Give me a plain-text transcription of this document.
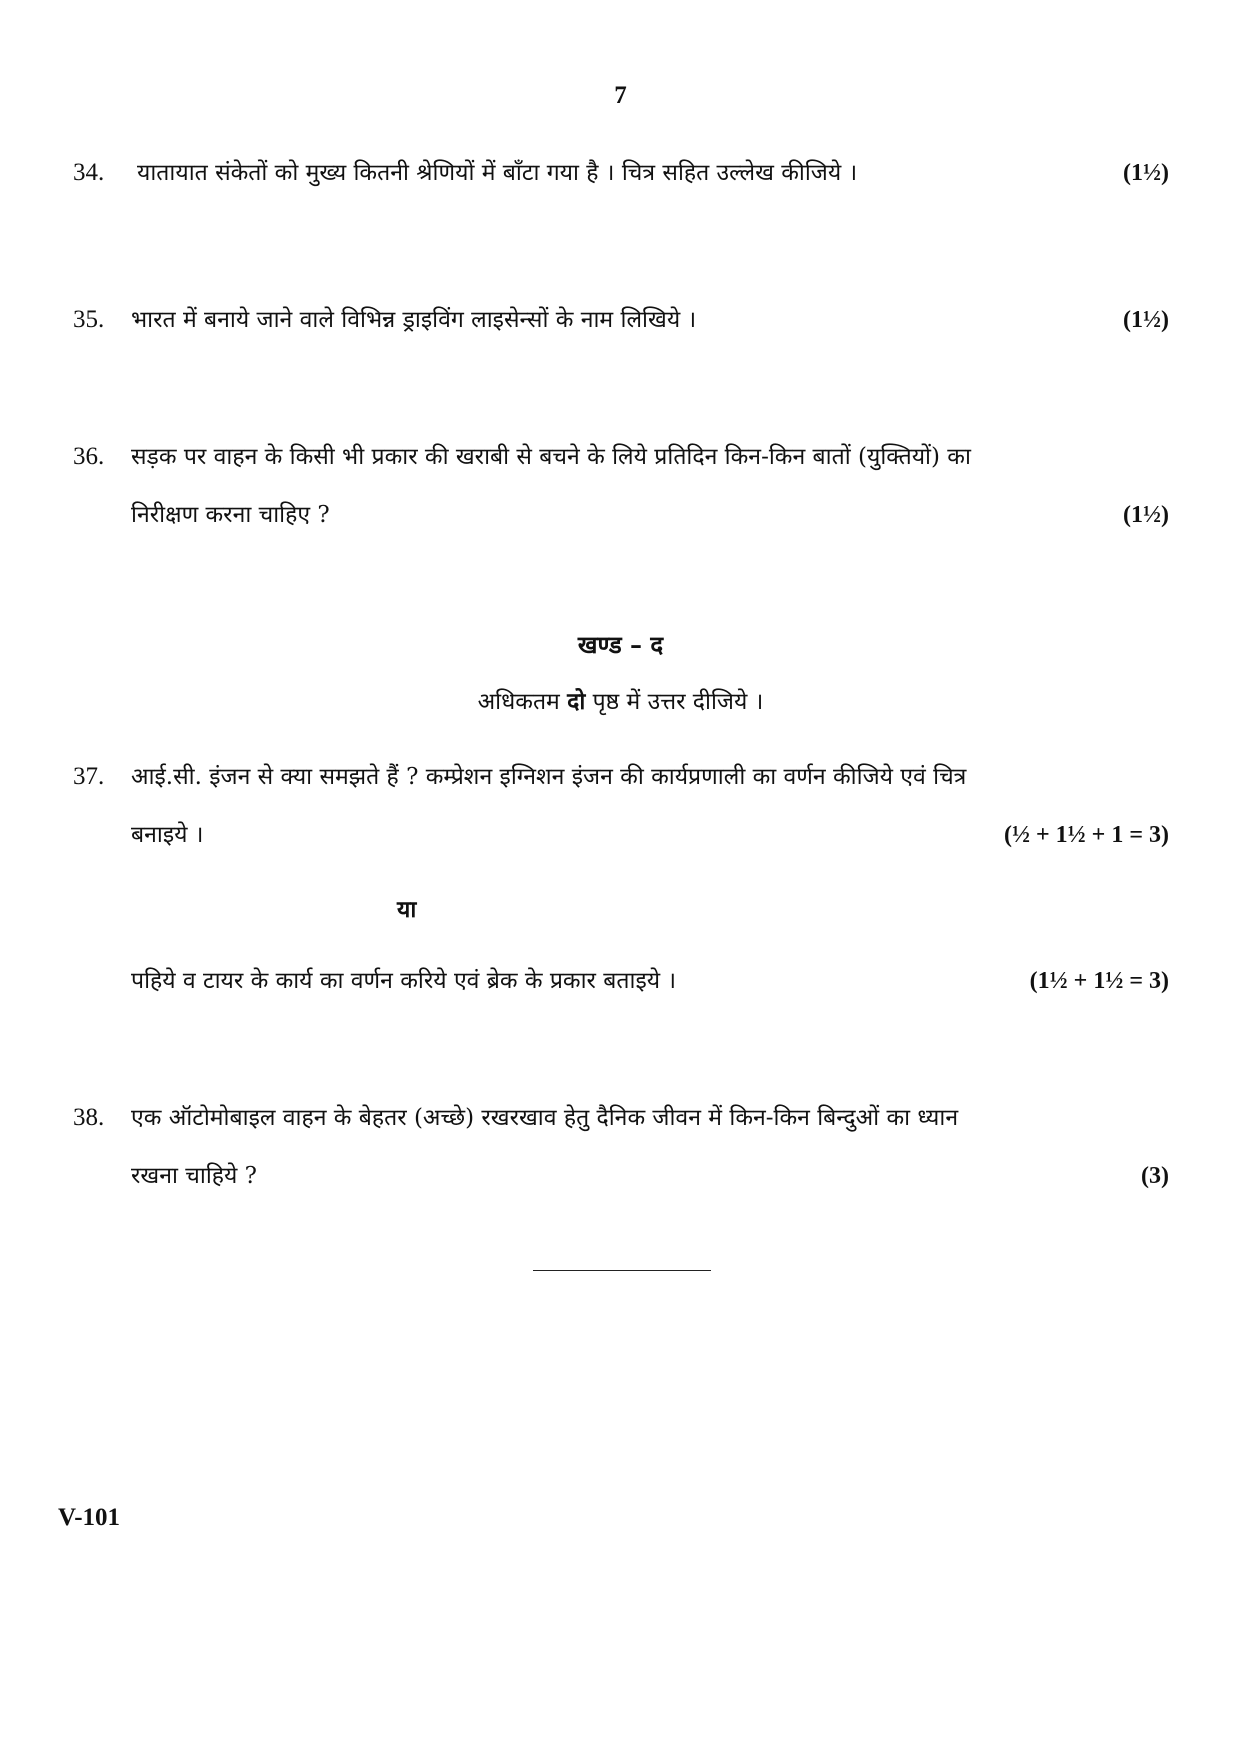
7
34. यातायात संकेतों को मुख्य कितनी श्रेणियों में बाँटा गया है । चित्र सहित उल्लेख कीजिये ।	(1½)
35. भारत में बनाये जाने वाले विभिन्न ड्राइविंग लाइसेन्सों के नाम लिखिये ।	(1½)
36. सड़क पर वाहन के किसी भी प्रकार की खराबी से बचने के लिये प्रतिदिन किन-किन बातों (युक्तियों) का
निरीक्षण करना चाहिए ?	(1½)
खण्ड – द
अधिकतम दो पृष्ठ में उत्तर दीजिये ।
37. आई.सी. इंजन से क्या समझते हैं ? कम्प्रेशन इग्निशन इंजन की कार्यप्रणाली का वर्णन कीजिये एवं चित्र
बनाइये ।	(½ + 1½ + 1 = 3)
या
पहिये व टायर के कार्य का वर्णन करिये एवं ब्रेक के प्रकार बताइये ।	(1½ + 1½ = 3)
38. एक ऑटोमोबाइल वाहन के बेहतर (अच्छे) रखरखाव हेतु दैनिक जीवन में किन-किन बिन्दुओं का ध्यान
रखना चाहिये ?	(3)
V-101
